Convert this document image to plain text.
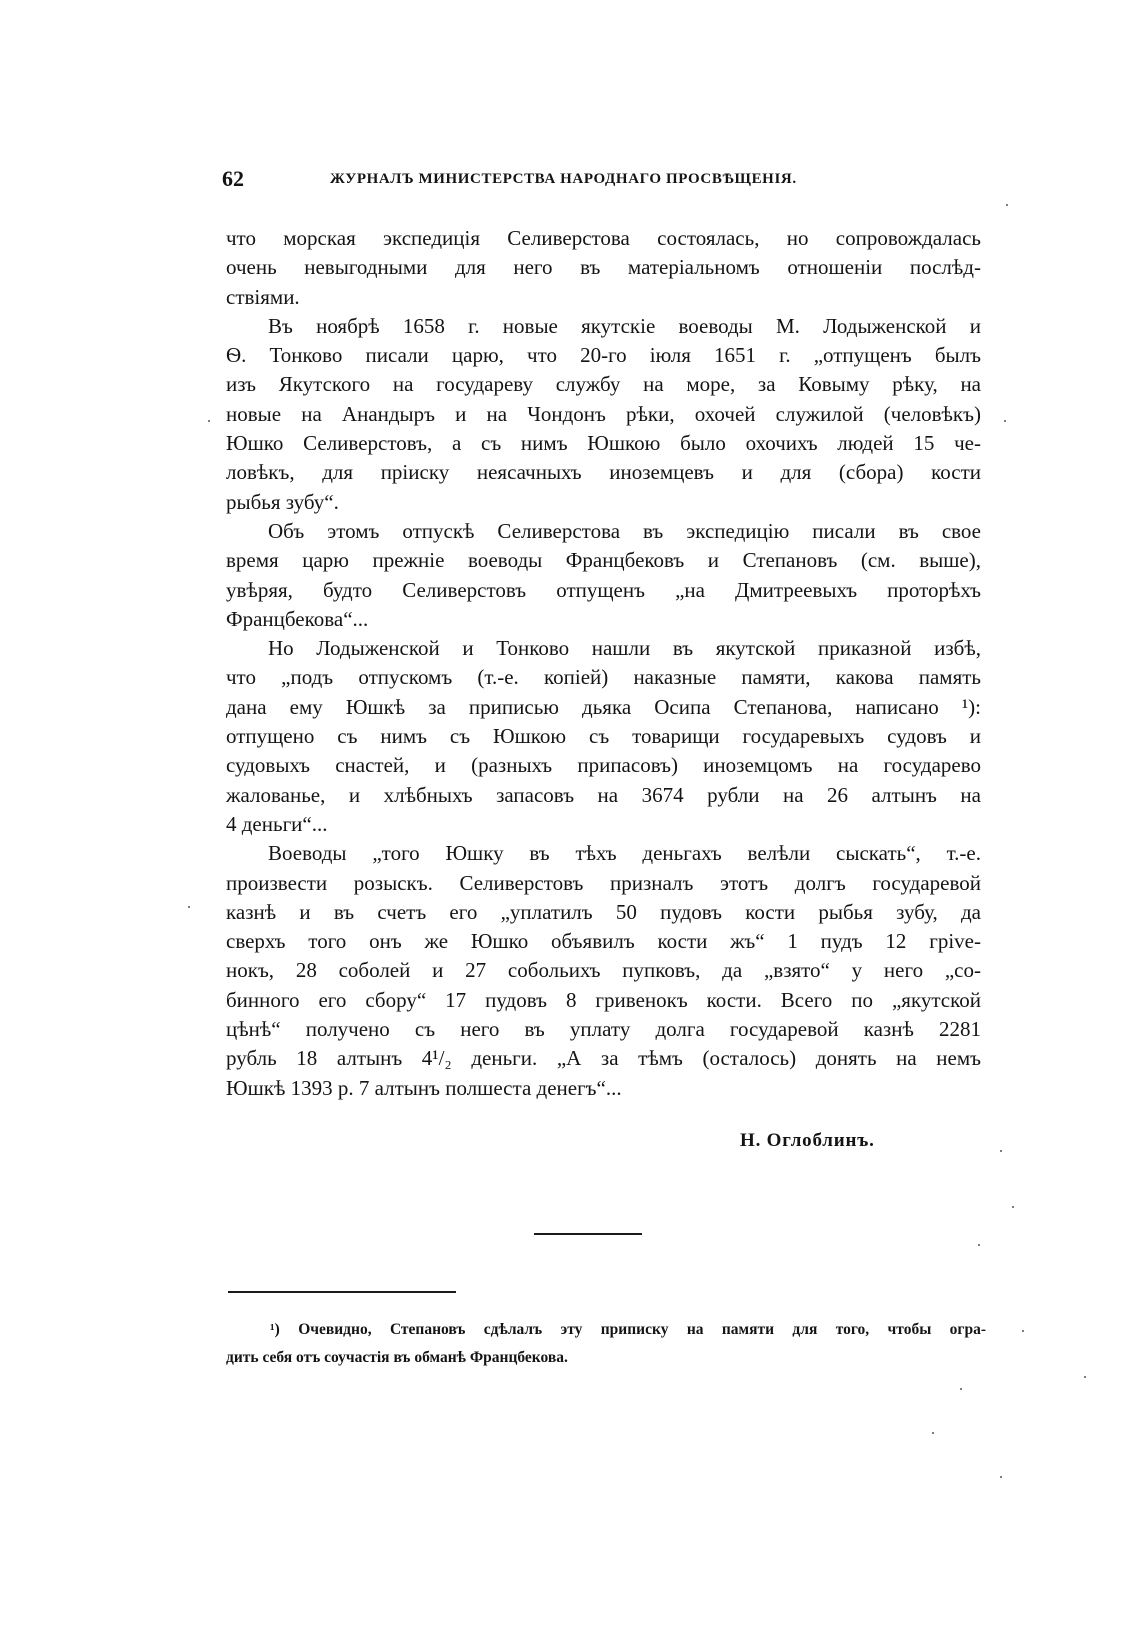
62	ЖУРНАЛЪ МИНИСТЕРСТВА НАРОДНАГО ПРОСВѢЩЕНІЯ.
что морская экспедиція Селиверстова состоялась, но сопровождалась
очень невыгодными для него въ матеріальномъ отношеніи послѣд-
ствіями.
Въ ноябрѣ 1658 г. новые якутскіе воеводы М. Лодыженской и
Ѳ. Тонково писали царю, что 20-го іюля 1651 г. „отпущенъ былъ
изъ Якутского на государеву службу на море, за Ковыму рѣку, на
новые на Анандыръ и на Чондонъ рѣки, охочей служилой (человѣкъ)
Юшко Селиверстовъ, а съ нимъ Юшкою было охочихъ людей 15 че-
ловѣкъ, для пріиску неясачныхъ иноземцевъ и для (сбора) кости
рыбья зубу“.
Объ этомъ отпускѣ Селиверстова въ экспедицію писали въ свое
время царю прежніе воеводы Францбековъ и Степановъ (см. выше),
увѣряя, будто Селиверстовъ отпущенъ „на Дмитреевыхъ проторѣхъ
Францбекова“...
Но Лодыженской и Тонково нашли въ якутской приказной избѣ,
что „подъ отпускомъ (т.-е. копіей) наказные памяти, какова память
дана ему Юшкѣ за приписью дьяка Осипа Степанова, написано ¹):
отпущено съ нимъ съ Юшкою съ товарищи государевыхъ судовъ и
судовыхъ снастей, и (разныхъ припасовъ) иноземцомъ на государево
жалованье, и хлѣбныхъ запасовъ на 3674 рубли на 26 алтынъ на
4 деньги“...
Воеводы „того Юшку въ тѣхъ деньгахъ велѣли сыскать“, т.-е.
произвести розыскъ. Селиверстовъ призналъ этотъ долгъ государевой
казнѣ и въ счетъ его „уплатилъ 50 пудовъ кости рыбья зубу, да
сверхъ того онъ же Юшко объявилъ кости жъ“ 1 пудъ 12 грive-
нокъ, 28 соболей и 27 собольихъ пупковъ, да „взято“ у него „со-
бинного его сбору“ 17 пудовъ 8 гривенокъ кости. Всего по „якутской
цѣнѣ“ получено съ него въ уплату долга государевой казнѣ 2281
рубль 18 алтынъ 4¹/₂ деньги. „А за тѣмъ (осталось) донять на немъ
Юшкѣ 1393 р. 7 алтынъ полшеста денегъ“...
Н. Оглоблинъ.
¹) Очевидно, Степановъ сдѣлалъ эту приписку на памяти для того, чтобы огра-
дить себя отъ соучастія въ обманѣ Францбекова.
